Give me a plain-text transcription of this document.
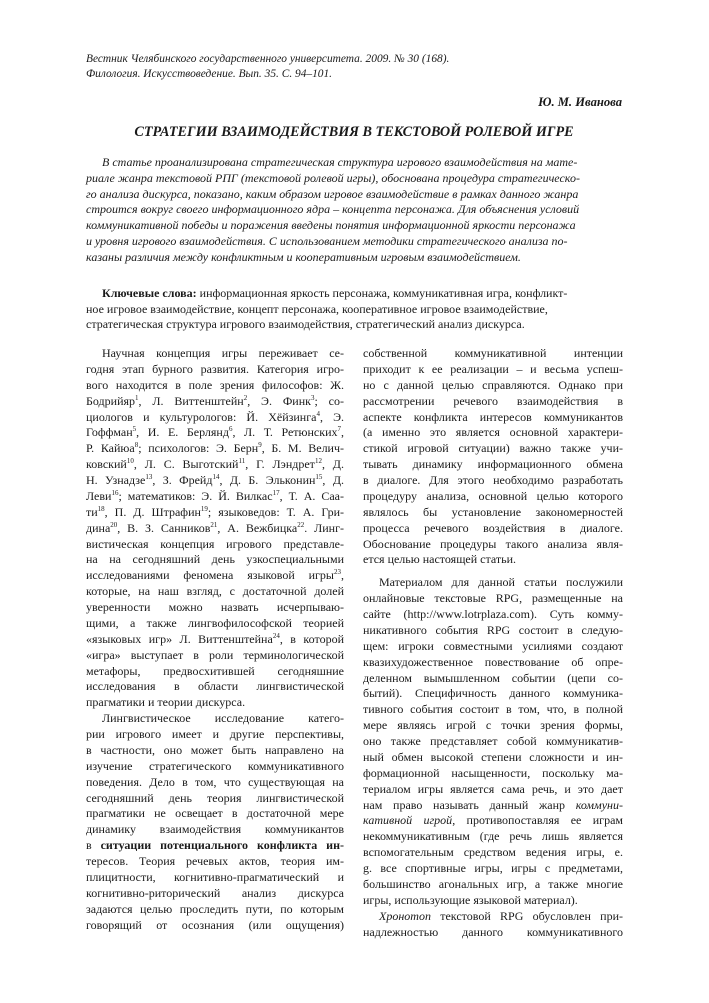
Вестник Челябинского государственного университета. 2009. № 30 (168).
Филология. Искусствоведение. Вып. 35. С. 94–101.
Ю. М. Иванова
СТРАТЕГИИ ВЗАИМОДЕЙСТВИЯ В ТЕКСТОВОЙ РОЛЕВОЙ ИГРЕ
В статье проанализирована стратегическая структура игрового взаимодействия на мате-
риале жанра текстовой РПГ (текстовой ролевой игры), обоснована процедура стратегическо-
го анализа дискурса, показано, каким образом игровое взаимодействие в рамках данного жанра
строится вокруг своего информационного ядра – концепта персонажа. Для объяснения условий
коммуникативной победы и поражения введены понятия информационной яркости персонажа
и уровня игрового взаимодействия. С использованием методики стратегического анализа по-
казаны различия между конфликтным и кооперативным игровым взаимодействием.
Ключевые слова: информационная яркость персонажа, коммуникативная игра, конфликт-
ное игровое взаимодействие, концепт персонажа, кооперативное игровое взаимодействие,
стратегическая структура игрового взаимодействия, стратегический анализ дискурса.
Научная концепция игры переживает се-
годня этап бурного развития. Категория игро-
вого находится в поле зрения философов: Ж.
Бодрийяр$^1$, Л. Виттенштейн$^2$, Э. Финк$^3$; со-
циологов и культурологов: Й. Хёйзинга$^4$, Э.
Гоффман$^5$, И. Е. Берлянд$^6$, Л. Т. Ретюнских$^7$,
Р. Кайюа$^8$; психологов: Э. Берн$^9$, Б. М. Велич-
ковский$^{10}$, Л. С. Выготский$^{11}$, Г. Лэндрет$^{12}$, Д.
Н. Узнадзе$^{13}$, З. Фрейд$^{14}$, Д. Б. Эльконин$^{15}$, Д.
Леви$^{16}$; математиков: Э. Й. Вилкас$^{17}$, Т. А. Саа-
$ти^{18}$, П. Д. Штрафин$^{19}$; языковедов: Т. А. Гри-
дина$^{20}$, В. З. Санников$^{21}$, А. Вежбицка$^{22}$. Линг-
вистическая концепция игрового представле-
на на сегодняшний день узкоспециальными
исследованиями феномена языковой игры$^{23}$,
которые, на наш взгляд, с достаточной долей
уверенности можно назвать исчерпываю-
щими, а также лингвофилософской теорией
«языковых игр» Л. Виттенштейна$^{24}$, в которой
«игра» выступает в роли терминологической
метафоры, предвосхитившей сегодняшние
исследования в области лингвистической
прагматики и теории дискурса.
Лингвистическое исследование катего-
рии игрового имеет и другие перспективы,
в частности, оно может быть направлено на
изучение стратегического коммуникативного
поведения. Дело в том, что существующая на
сегодняшний день теория лингвистической
прагматики не освещает в достаточной мере
динамику взаимодействия коммуникантов
в ситуации потенциального конфликта ин-
тересов. Теория речевых актов, теория им-
плицитности, когнитивно-прагматический и
когнитивно-риторический анализ дискурса
задаются целью проследить пути, по которым
говорящий от осознания (или ощущения)
собственной коммуникативной интенции
приходит к ее реализации – и весьма успеш-
но с данной целью справляются. Однако при
рассмотрении речевого взаимодействия в
аспекте конфликта интересов коммуникантов
(а именно это является основной характери-
стикой игровой ситуации) важно также учи-
тывать динамику информационного обмена
в диалоге. Для этого необходимо разработать
процедуру анализа, основной целью которого
являлось бы установление закономерностей
процесса речевого воздействия в диалоге.
Обоснование процедуры такого анализа явля-
ется целью настоящей статьи.
Материалом для данной статьи послужили
онлайновые текстовые RPG, размещенные на
сайте (http://www.lotrplaza.com). Суть комму-
никативного события RPG состоит в следую-
щем: игроки совместными усилиями создают
квазихудожественное повествование об опре-
деленном вымышленном событии (цепи со-
бытий). Специфичность данного коммуника-
тивного события состоит в том, что, в полной
мере являясь игрой с точки зрения формы,
оно также представляет собой коммуникатив-
ный обмен высокой степени сложности и ин-
формационной насыщенности, поскольку ма-
териалом игры является сама речь, и это дает
нам право называть данный жанр коммуни-
кативной игрой, противопоставляя ее играм
некоммуникативным (где речь лишь является
вспомогательным средством ведения игры, е.
g. все спортивные игры, игры с предметами,
большинство агональных игр, а также многие
игры, использующие языковой материал).
Хронотоп текстовой RPG обусловлен при-
надлежностью данного коммуникативного
